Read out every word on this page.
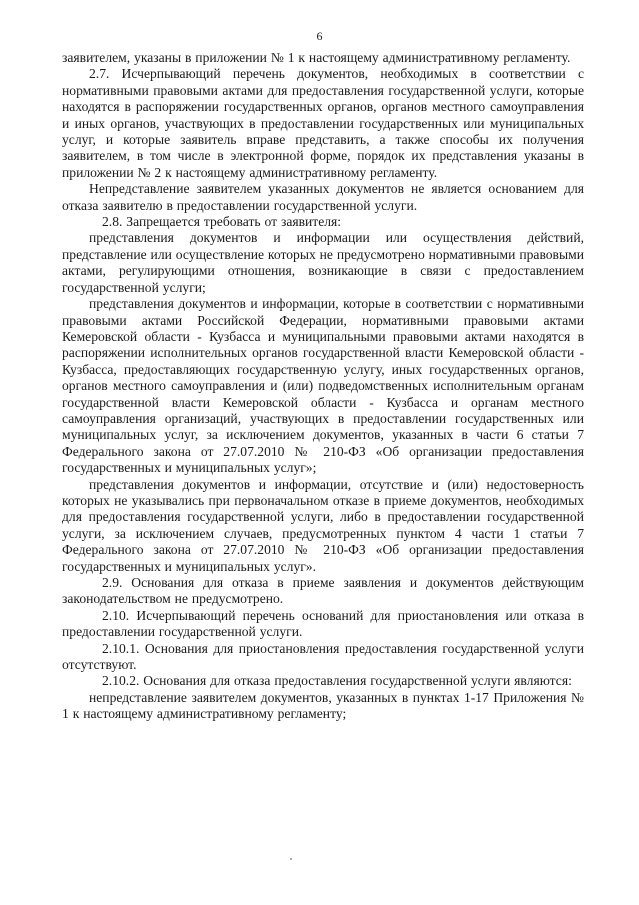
6

заявителем, указаны в приложении № 1 к настоящему административному регламенту.

2.7. Исчерпывающий перечень документов, необходимых в соответствии с нормативными правовыми актами для предоставления государственной услуги, которые находятся в распоряжении государственных органов, органов местного самоуправления и иных органов, участвующих в предоставлении государственных или муниципальных услуг, и которые заявитель вправе представить, а также способы их получения заявителем, в том числе в электронной форме, порядок их представления указаны в приложении № 2 к настоящему административному регламенту.

Непредставление заявителем указанных документов не является основанием для отказа заявителю в предоставлении государственной услуги.

2.8. Запрещается требовать от заявителя:

представления документов и информации или осуществления действий, представление или осуществление которых не предусмотрено нормативными правовыми актами, регулирующими отношения, возникающие в связи с предоставлением государственной услуги;

представления документов и информации, которые в соответствии с нормативными правовыми актами Российской Федерации, нормативными правовыми актами Кемеровской области - Кузбасса и муниципальными правовыми актами находятся в распоряжении исполнительных органов государственной власти Кемеровской области - Кузбасса, предоставляющих государственную услугу, иных государственных органов, органов местного самоуправления и (или) подведомственных исполнительным органам государственной власти Кемеровской области - Кузбасса и органам местного самоуправления организаций, участвующих в предоставлении государственных или муниципальных услуг, за исключением документов, указанных в части 6 статьи 7 Федерального закона от 27.07.2010 № 210-ФЗ «Об организации предоставления государственных и муниципальных услуг»;

представления документов и информации, отсутствие и (или) недостоверность которых не указывались при первоначальном отказе в приеме документов, необходимых для предоставления государственной услуги, либо в предоставлении государственной услуги, за исключением случаев, предусмотренных пунктом 4 части 1 статьи 7 Федерального закона от 27.07.2010 № 210-ФЗ «Об организации предоставления государственных и муниципальных услуг».

2.9. Основания для отказа в приеме заявления и документов действующим законодательством не предусмотрено.

2.10. Исчерпывающий перечень оснований для приостановления или отказа в предоставлении государственной услуги.

2.10.1. Основания для приостановления предоставления государственной услуги отсутствуют.

2.10.2. Основания для отказа предоставления государственной услуги являются:

непредставление заявителем документов, указанных в пунктах 1-17 Приложения № 1 к настоящему административному регламенту;
